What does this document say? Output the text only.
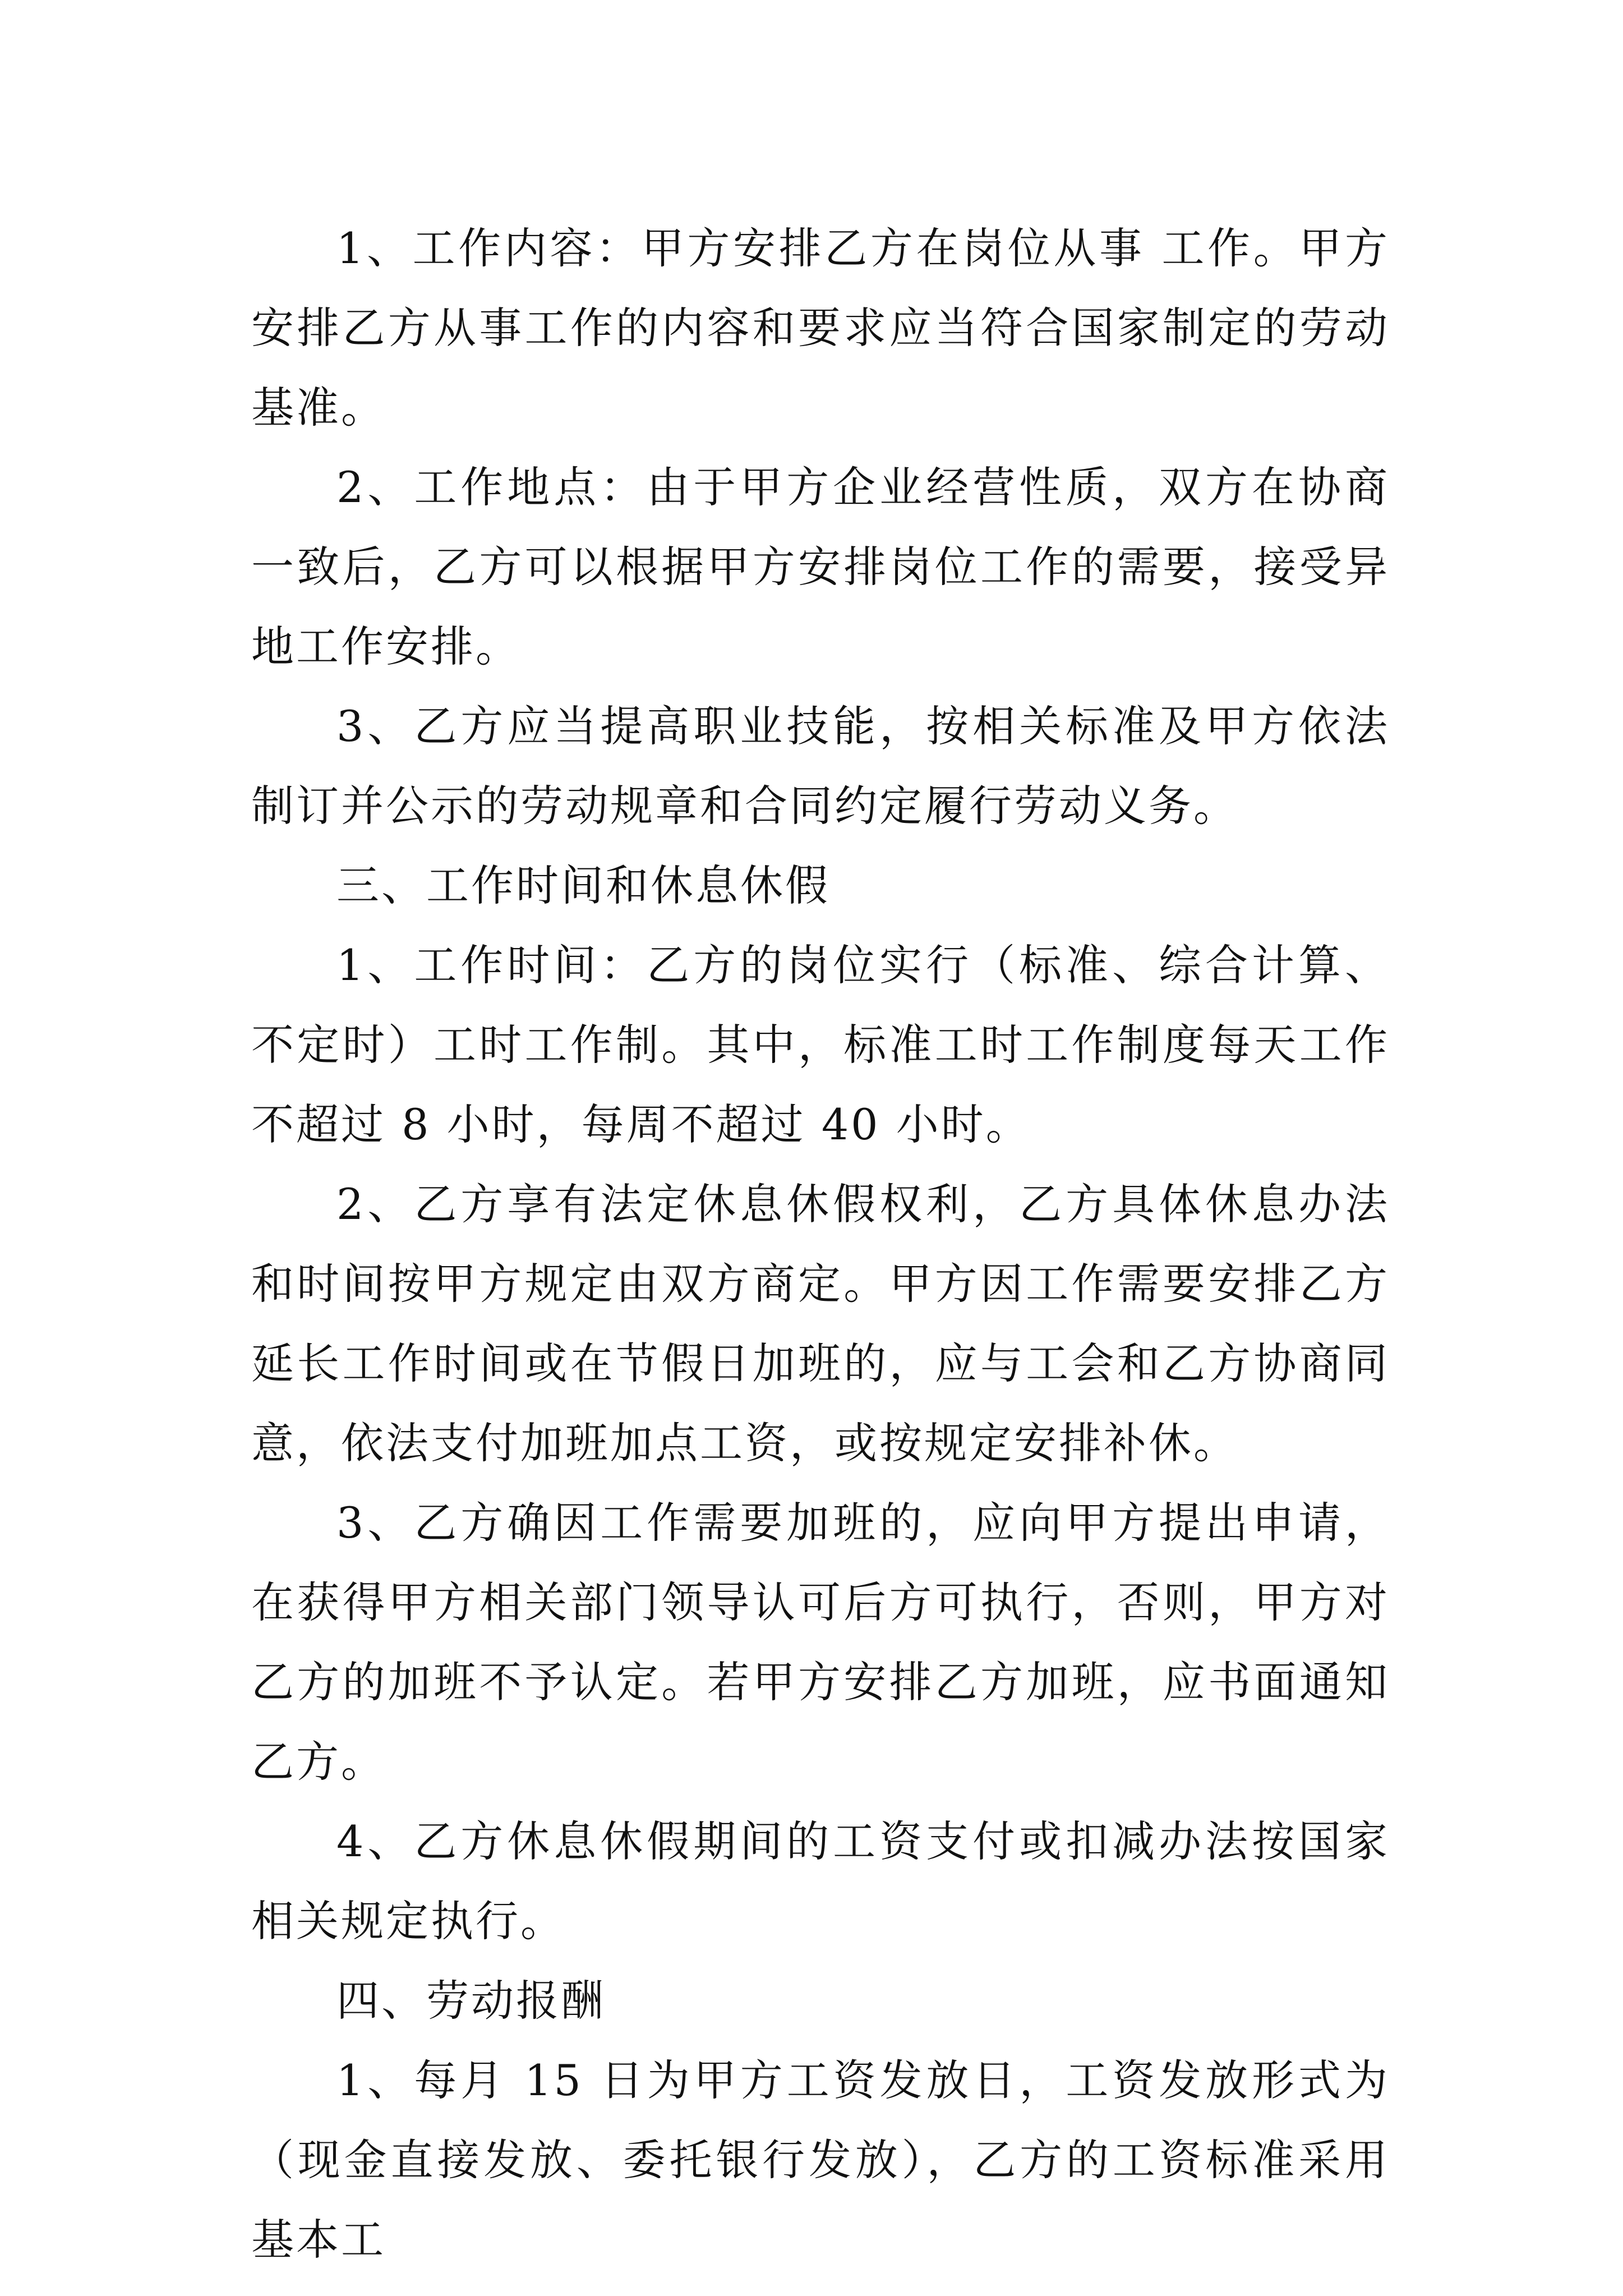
1、工作内容：甲方安排乙方在岗位从事 工作。甲方安排乙方从事工作的内容和要求应当符合国家制定的劳动基准。

2、工作地点：由于甲方企业经营性质，双方在协商一致后，乙方可以根据甲方安排岗位工作的需要，接受异地工作安排。

3、乙方应当提高职业技能，按相关标准及甲方依法制订并公示的劳动规章和合同约定履行劳动义务。

三、工作时间和休息休假

1、工作时间：乙方的岗位实行（标准、综合计算、不定时）工时工作制。其中，标准工时工作制度每天工作不超过 8 小时，每周不超过 40 小时。

2、乙方享有法定休息休假权利，乙方具体休息办法和时间按甲方规定由双方商定。甲方因工作需要安排乙方延长工作时间或在节假日加班的，应与工会和乙方协商同意，依法支付加班加点工资，或按规定安排补休。

3、乙方确因工作需要加班的，应向甲方提出申请，在获得甲方相关部门领导认可后方可执行，否则，甲方对乙方的加班不予认定。若甲方安排乙方加班，应书面通知乙方。

4、乙方休息休假期间的工资支付或扣减办法按国家相关规定执行。

四、劳动报酬

1、每月 15 日为甲方工资发放日，工资发放形式为（现金直接发放、委托银行发放），乙方的工资标准采用基本工
